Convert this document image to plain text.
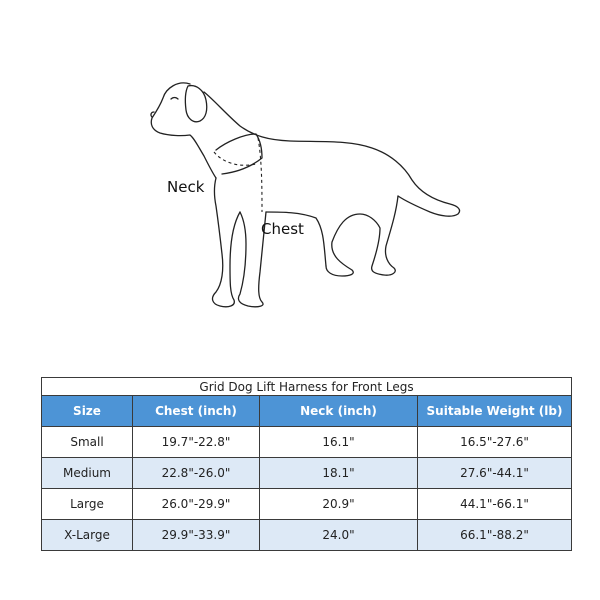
Neck
Chest
Grid Dog Lift Harness for Front Legs			
Size	Chest (inch)	Neck (inch)	Suitable Weight (lb)
Small	19.7"-22.8"	16.1"	16.5"-27.6"
Medium	22.8"-26.0"	18.1"	27.6"-44.1"
Large	26.0"-29.9"	20.9"	44.1"-66.1"
X-Large	29.9"-33.9"	24.0"	66.1"-88.2"
